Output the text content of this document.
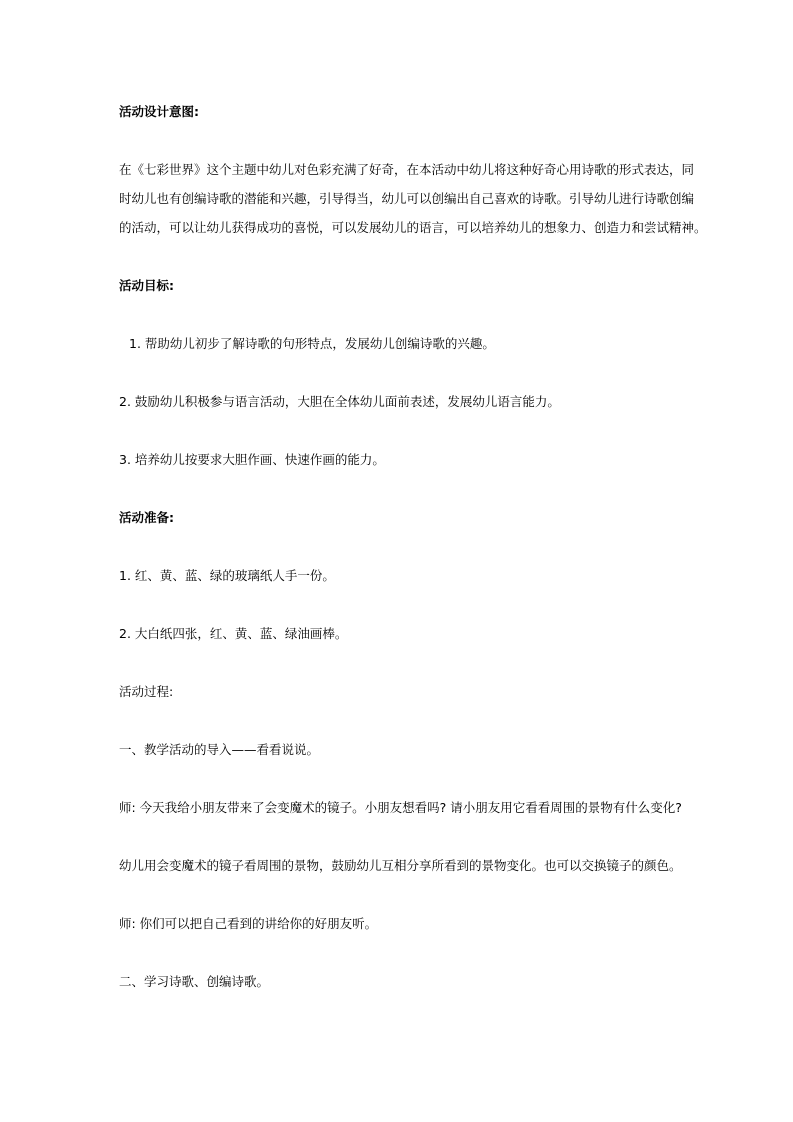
活动设计意图:

在《七彩世界》这个主题中幼儿对色彩充满了好奇，在本活动中幼儿将这种好奇心用诗歌的形式表达，同

时幼儿也有创编诗歌的潜能和兴趣，引导得当，幼儿可以创编出自己喜欢的诗歌。引导幼儿进行诗歌创编

的活动，可以让幼儿获得成功的喜悦，可以发展幼儿的语言，可以培养幼儿的想象力、创造力和尝试精神。

活动目标:

1. 帮助幼儿初步了解诗歌的句形特点，发展幼儿创编诗歌的兴趣。

2. 鼓励幼儿积极参与语言活动，大胆在全体幼儿面前表述，发展幼儿语言能力。

3. 培养幼儿按要求大胆作画、快速作画的能力。

活动准备:

1. 红、黄、蓝、绿的玻璃纸人手一份。

2. 大白纸四张，红、黄、蓝、绿油画棒。

活动过程:

一、教学活动的导入——看看说说。

师: 今天我给小朋友带来了会变魔术的镜子。小朋友想看吗? 请小朋友用它看看周围的景物有什么变化?

幼儿用会变魔术的镜子看周围的景物，鼓励幼儿互相分享所看到的景物变化。也可以交换镜子的颜色。

师: 你们可以把自己看到的讲给你的好朋友听。

二、学习诗歌、创编诗歌。
